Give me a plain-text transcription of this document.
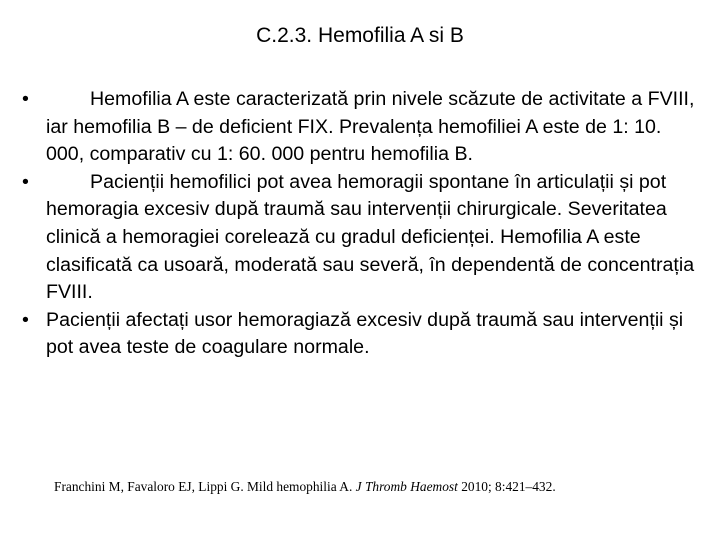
C.2.3. Hemofilia A si B
•	Hemofilia A este caracterizată prin nivele scăzute de activitate a FVIII, iar hemofilia B – de deficient FIX. Prevalența hemofiliei A este de 1: 10. 000, comparativ cu 1: 60. 000 pentru hemofilia B.
•	Pacienții hemofilici pot avea hemoragii spontane în articulații și pot hemoragia excesiv după traumă sau intervenții chirurgicale. Severitatea clinică a hemoragiei corelează cu gradul deficienței. Hemofilia A este clasificată ca usoară, moderată sau severă, în dependentă de concentrația FVIII.
• Pacienții afectați usor hemoragiază excesiv după traumă sau intervenții și pot avea teste de coagulare normale.

Franchini M, Favaloro EJ, Lippi G. Mild hemophilia A. J Thromb Haemost 2010; 8:421–432.
